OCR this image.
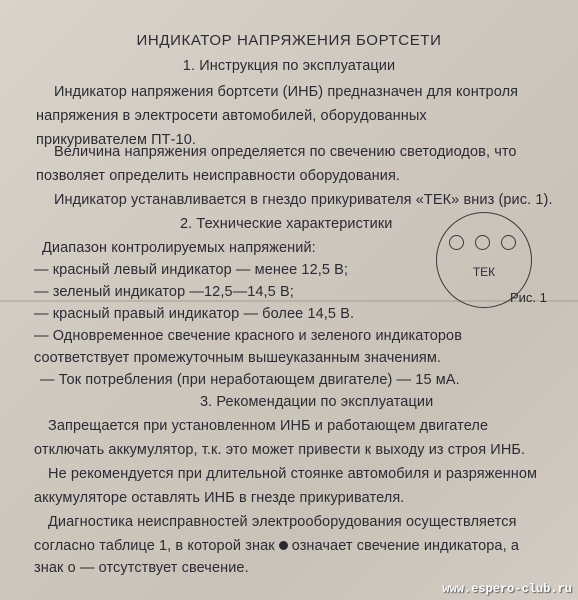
ИНДИКАТОР НАПРЯЖЕНИЯ БОРТСЕТИ
1. Инструкция по эксплуатации
Индикатор напряжения бортсети (ИНБ) предназначен для контроля
напряжения в электросети автомобилей, оборудованных
прикуривателем ПТ-10.
Величина напряжения определяется по свечению светодиодов, что
позволяет определить неисправности оборудования.
Индикатор устанавливается в гнездо прикуривателя «ТЕК» вниз (рис. 1).
2. Технические характеристики
Диапазон контролируемых напряжений:
— красный левый индикатор — менее 12,5 В;
— зеленый индикатор —12,5—14,5 В;
— красный правый индикатор — более 14,5 В.
— Одновременное свечение красного и зеленого индикаторов
соответствует промежуточным вышеуказанным значениям.
— Ток потребления (при неработающем двигателе) — 15 мА.
ТЕК
Рис. 1
3. Рекомендации по эксплуатации
Запрещается при установленном ИНБ и работающем двигателе
отключать аккумулятор, т.к. это может привести к выходу из строя ИНБ.
Не рекомендуется при длительной стоянке автомобиля и разряженном
аккумуляторе оставлять ИНБ в гнезде прикуривателя.
Диагностика неисправностей электрооборудования осуществляется
согласно таблице 1, в которой знак означает свечение индикатора, а
знак о — отсутствует свечение.
www.espero-club.ru
